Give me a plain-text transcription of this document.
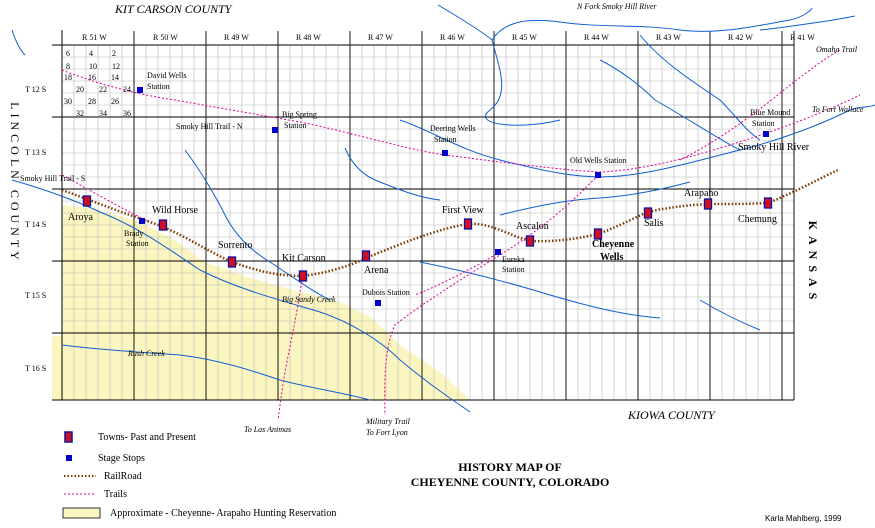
R 51 W	R 50 W	R 49 W	R 48 W	R 47 W	R 46 W	R 45 W	R 44 W	R 43 W	R 42 W	R 41 W
T 12 S
T 13 S
T 14 S
T 15 S
T 16 S
6 4 2
8 10 12
18 16 14
20 22 24
30 28 26
32 34 36
KIT CARSON COUNTY
KIOWA COUNTY
LINCOLN COUNTY	KANSAS
N Fork Smoky Hill River
Smoky Hill River
Big Sandy Creek
Rush Creek
Omaha Trail
To Fort Wallace
Smoky Hill Trail - N
Smoky Hill Trail - S
To Las Animas
Military Trail
To Fort Lyon
Aroya
Wild Horse
Sorrento
Kit Carson
Arena
First View
Ascalon
Cheyenne
Wells
Salis
Arapaho
Chemung
David Wells
Station
Big Spring
Station	Deering Wells
Station
Old Wells Station
Blue Mound
Station
Brady
Station
Eureka
Station
Dubois Station
Towns- Past and Present
Stage Stops
RailRoad
Trails
Approximate - Cheyenne- Arapaho Hunting Reservation
HISTORY MAP OF
CHEYENNE COUNTY, COLORADO
Karla Mahlberg, 1999
